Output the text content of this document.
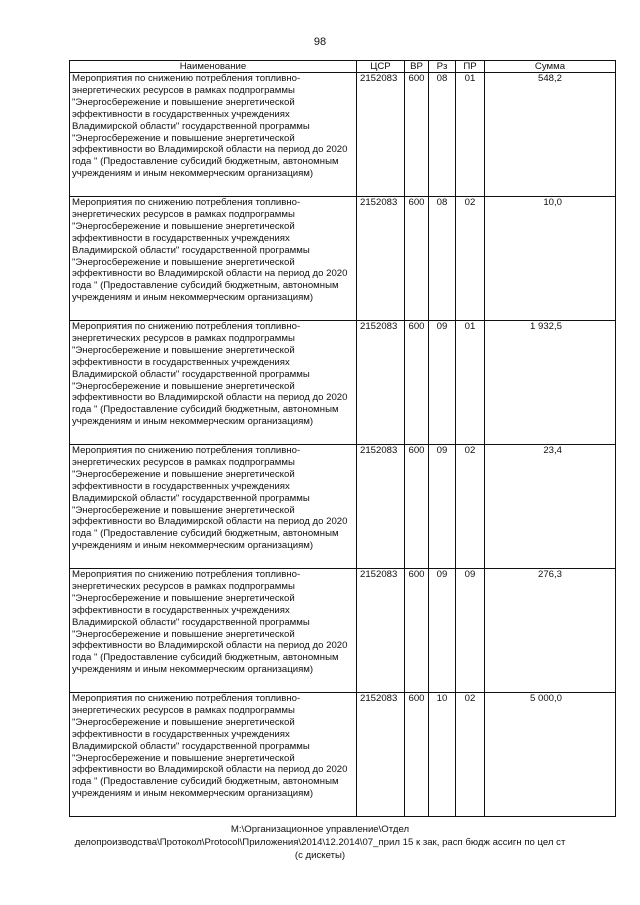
98
Наименование	ЦСР	ВР	Рз	ПР	Сумма
Мероприятия по снижению потребления топливно-энергетических ресурсов в рамках подпрограммы "Энергосбережение и повышение энергетической эффективности в государственных учреждениях Владимирской области" государственной программы "Энергосбережение и повышение энергетической эффективности во Владимирской области на период до 2020 года " (Предоставление субсидий бюджетным, автономным учреждениям и иным некоммерческим организациям)	2152083	600	08	01	548,2
Мероприятия по снижению потребления топливно-энергетических ресурсов в рамках подпрограммы "Энергосбережение и повышение энергетической эффективности в государственных учреждениях Владимирской области" государственной программы "Энергосбережение и повышение энергетической эффективности во Владимирской области на период до 2020 года " (Предоставление субсидий бюджетным, автономным учреждениям и иным некоммерческим организациям)	2152083	600	08	02	10,0
Мероприятия по снижению потребления топливно-энергетических ресурсов в рамках подпрограммы "Энергосбережение и повышение энергетической эффективности в государственных учреждениях Владимирской области" государственной программы "Энергосбережение и повышение энергетической эффективности во Владимирской области на период до 2020 года " (Предоставление субсидий бюджетным, автономным учреждениям и иным некоммерческим организациям)	2152083	600	09	01	1 932,5
Мероприятия по снижению потребления топливно-энергетических ресурсов в рамках подпрограммы "Энергосбережение и повышение энергетической эффективности в государственных учреждениях Владимирской области" государственной программы "Энергосбережение и повышение энергетической эффективности во Владимирской области на период до 2020 года " (Предоставление субсидий бюджетным, автономным учреждениям и иным некоммерческим организациям)	2152083	600	09	02	23,4
Мероприятия по снижению потребления топливно-энергетических ресурсов в рамках подпрограммы "Энергосбережение и повышение энергетической эффективности в государственных учреждениях Владимирской области" государственной программы "Энергосбережение и повышение энергетической эффективности во Владимирской области на период до 2020 года " (Предоставление субсидий бюджетным, автономным учреждениям и иным некоммерческим организациям)	2152083	600	09	09	276,3
Мероприятия по снижению потребления топливно-энергетических ресурсов в рамках подпрограммы "Энергосбережение и повышение энергетической эффективности в государственных учреждениях Владимирской области" государственной программы "Энергосбережение и повышение энергетической эффективности во Владимирской области на период до 2020 года " (Предоставление субсидий бюджетным, автономным учреждениям и иным некоммерческим организациям)	2152083	600	10	02	5 000,0
M:\Организационное управление\Отдел
делопроизводства\Протокол\Protocol\Приложения\2014\12.2014\07_прил 15 к зак, расп бюдж ассигн по цел ст
(с дискеты)
